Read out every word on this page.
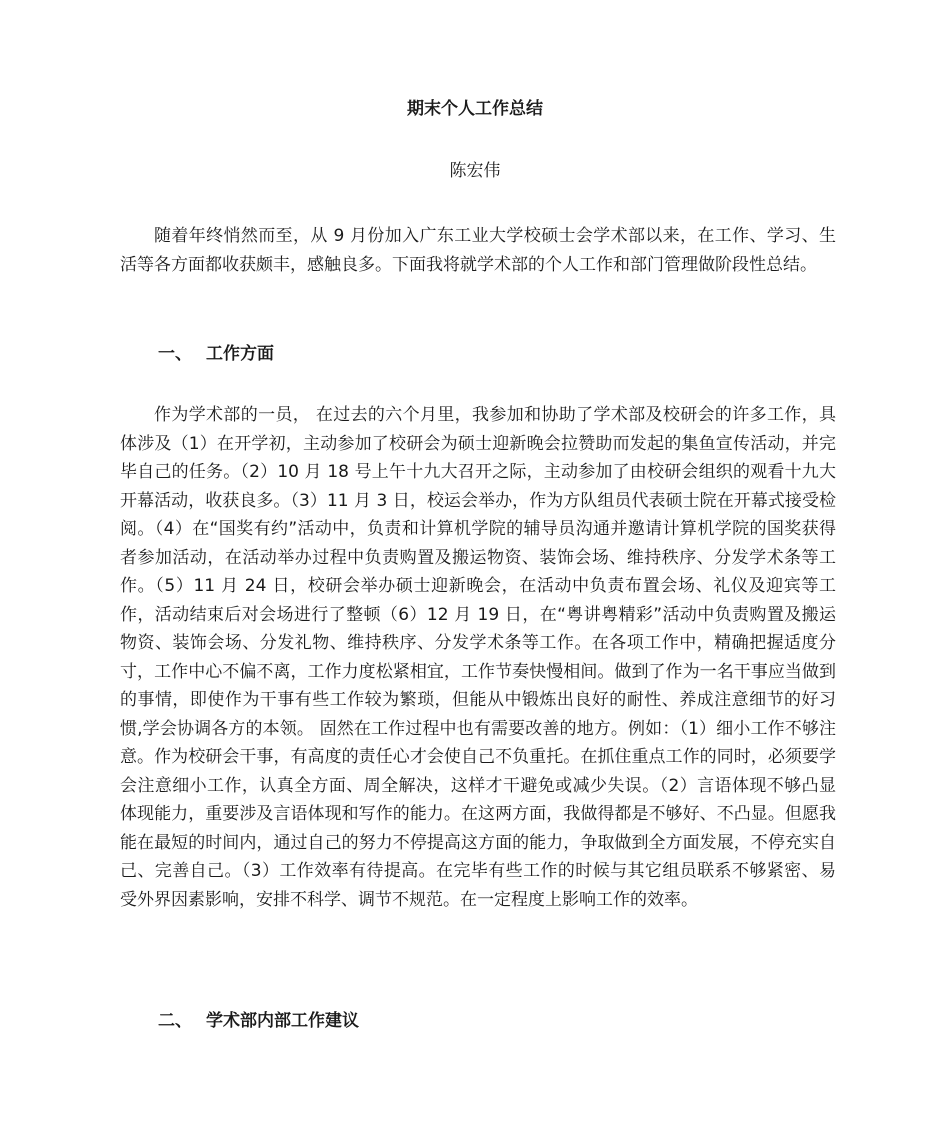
期末个人工作总结
陈宏伟

随着年终悄然而至，从 9 月份加入广东工业大学校硕士会学术部以来，在工作、学习、生活等各方面都收获颇丰，感触良多。下面我将就学术部的个人工作和部门管理做阶段性总结。

一、 工作方面

作为学术部的一员， 在过去的六个月里，我参加和协助了学术部及校研会的许多工作，具体涉及（1）在开学初，主动参加了校研会为硕士迎新晚会拉赞助而发起的集鱼宣传活动，并完毕自己的任务。（2）10 月 18 号上午十九大召开之际，主动参加了由校研会组织的观看十九大开幕活动，收获良多。（3）11 月 3 日，校运会举办，作为方队组员代表硕士院在开幕式接受检阅。（4）在“国奖有约”活动中，负责和计算机学院的辅导员沟通并邀请计算机学院的国奖获得者参加活动，在活动举办过程中负责购置及搬运物资、装饰会场、维持秩序、分发学术条等工作。（5）11 月 24 日，校研会举办硕士迎新晚会，在活动中负责布置会场、礼仪及迎宾等工作，活动结束后对会场进行了整顿（6）12 月 19 日，在“粤讲粤精彩”活动中负责购置及搬运物资、装饰会场、分发礼物、维持秩序、分发学术条等工作。在各项工作中，精确把握适度分寸，工作中心不偏不离，工作力度松紧相宜，工作节奏快慢相间。做到了作为一名干事应当做到的事情，即使作为干事有些工作较为繁琐，但能从中锻炼出良好的耐性、养成注意细节的好习惯,学会协调各方的本领。 固然在工作过程中也有需要改善的地方。例如：（1）细小工作不够注意。作为校研会干事，有高度的责任心才会使自己不负重托。在抓住重点工作的同时，必须要学会注意细小工作，认真全方面、周全解决，这样才干避免或减少失误。（2）言语体现不够凸显体现能力，重要涉及言语体现和写作的能力。在这两方面，我做得都是不够好、不凸显。但愿我能在最短的时间内，通过自己的努力不停提高这方面的能力，争取做到全方面发展，不停充实自己、完善自己。（3）工作效率有待提高。在完毕有些工作的时候与其它组员联系不够紧密、易受外界因素影响，安排不科学、调节不规范。在一定程度上影响工作的效率。

二、 学术部内部工作建议
